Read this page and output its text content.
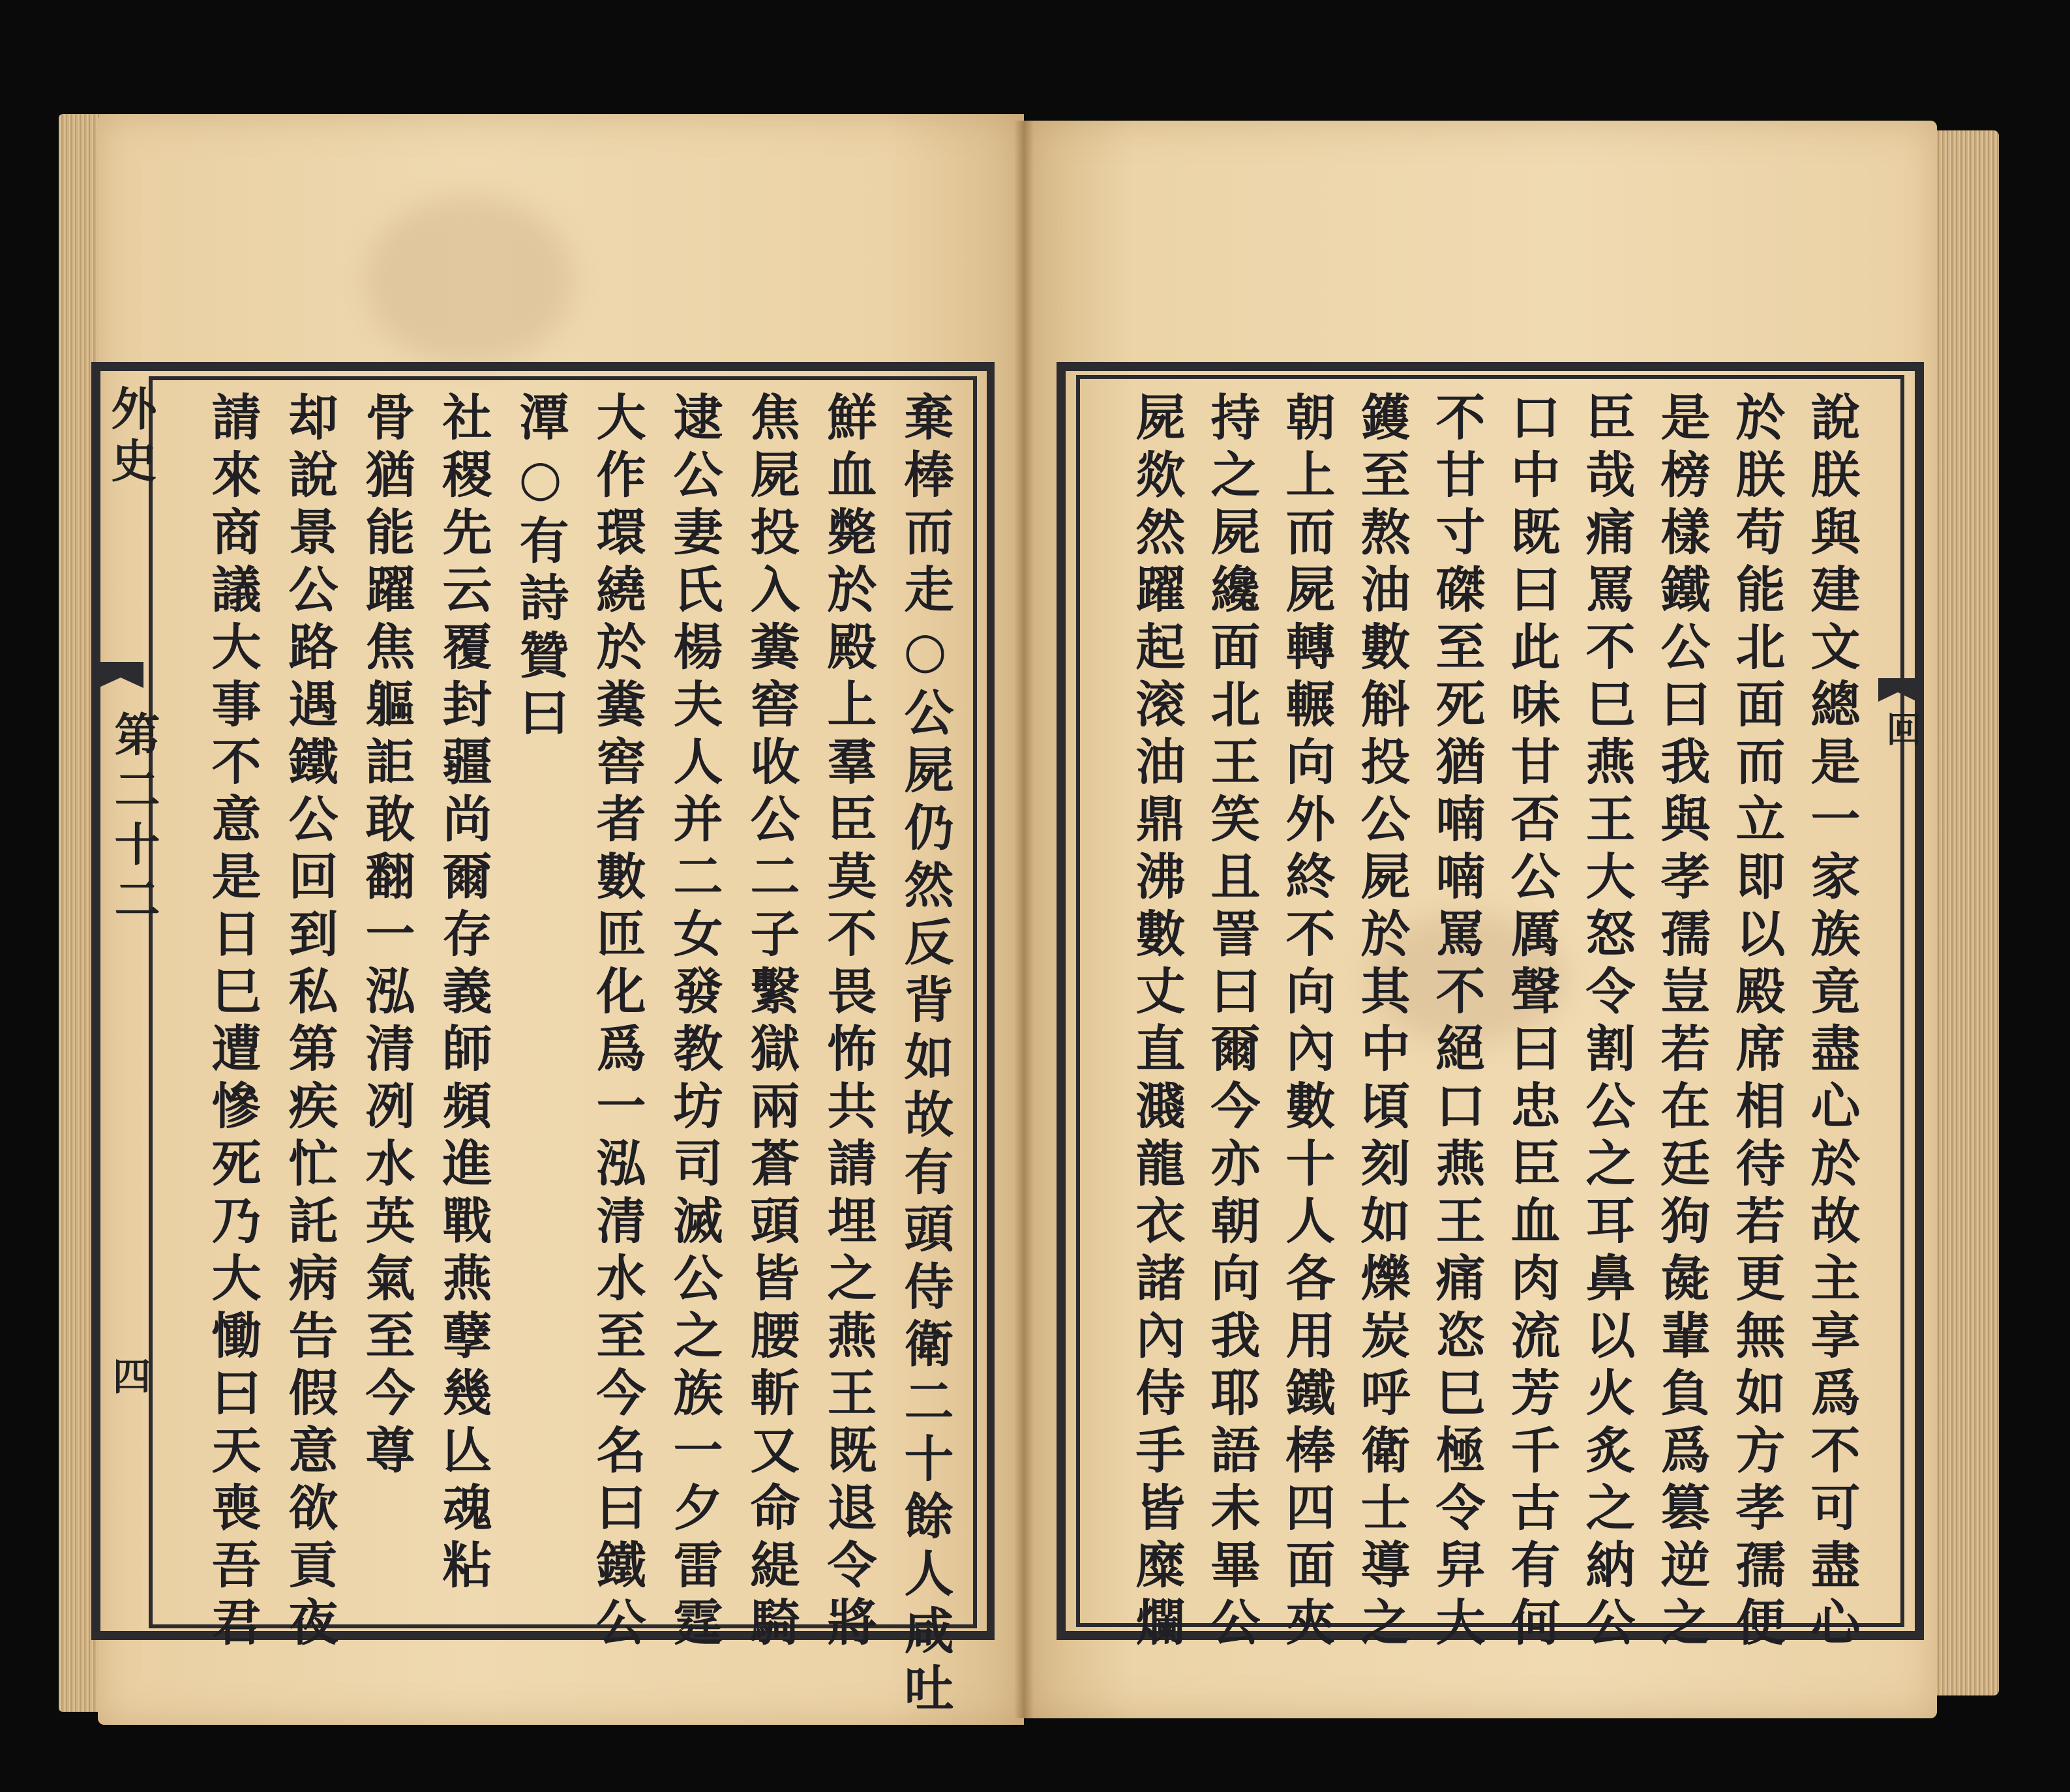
外史
第二十二
四	棄棒而走○公屍仍然反背如故有頭侍衛二十餘人咸吐
鮮血斃於殿上羣臣莫不畏怖共請埋之燕王既退令將
焦屍投入糞窖收公二子繫獄兩蒼頭皆腰斬又命緹騎
逮公妻氏楊夫人并二女發教坊司滅公之族一夕雷霆
大作環繞於糞窖者數匝化爲一泓清水至今名曰鐵公
潭○有詩贊曰
社稷先云覆封疆尚爾存義師頻進戰燕孽幾亾魂粘
骨猶能躍焦軀詎敢翻一泓清冽水英氣至今尊
却說景公路遇鐵公回到私第疾忙託病告假意欲貢夜
請來商議大事不意是日巳遭慘死乃大慟曰天喪吾君	回
說朕與建文總是一家族竟盡心於故主享爲不可盡心
於朕苟能北面而立即以殿席相待若更無如方孝孺便
是榜樣鐵公曰我與孝孺豈若在廷狗彘輩負爲篡逆之
臣哉痛罵不巳燕王大怒令割公之耳鼻以火炙之納公
口中既曰此味甘否公厲聲曰忠臣血肉流芳千古有何
不甘寸磔至死猶喃喃罵不絕口燕王痛恣巳極令舁大
鑊至熬油數斛投公屍於其中頃刻如爍炭呼衛士導之
朝上而屍轉輾向外終不向內數十人各用鐵棒四面夾
持之屍纔面北王笑且詈曰爾今亦朝向我耶語未畢公
屍欻然躍起滚油鼎沸數丈直濺龍衣諸內侍手皆糜爛
